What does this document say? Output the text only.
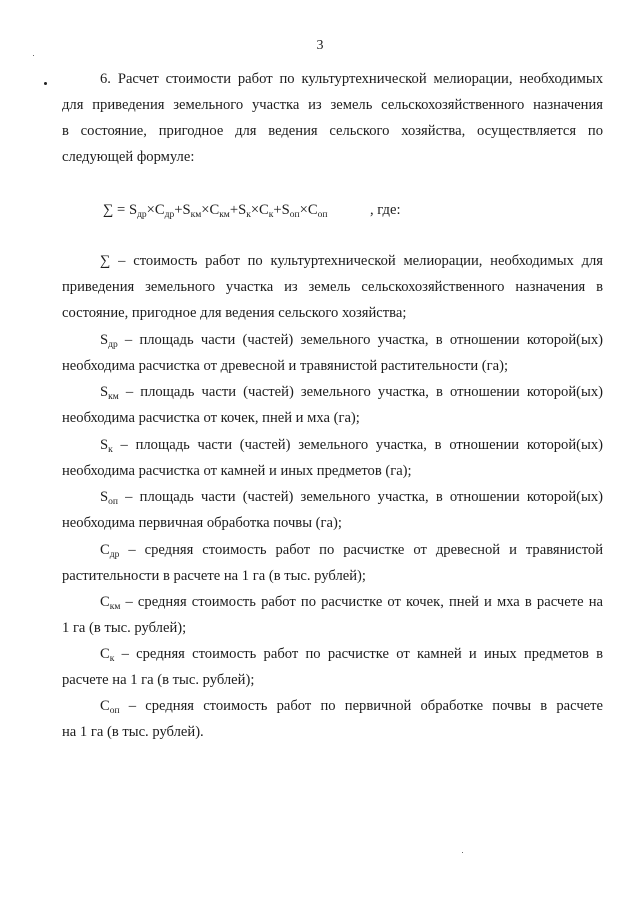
3
6. Расчет стоимости работ по культуртехнической мелиорации, необходимых
для приведения земельного участка из земель сельскохозяйственного назначения
в состояние, пригодное для ведения сельского хозяйства, осуществляется по
следующей формуле:
∑ = $S_{др}\times C_{др}+S_{км}\times C_{км}+S_к\times C_к+S_{оп}\times C_{оп}$	, где:
∑ – стоимость работ по культуртехнической мелиорации, необходимых для
приведения земельного участка из земель сельскохозяйственного назначения в
состояние, пригодное для ведения сельского хозяйства;
$S_{др}$ – площадь части (частей) земельного участка, в отношении которой(ых)
необходима расчистка от древесной и травянистой растительности (га);
$S_{км}$ – площадь части (частей) земельного участка, в отношении которой(ых)
необходима расчистка от кочек, пней и мха (га);
$S_к$ – площадь части (частей) земельного участка, в отношении которой(ых)
необходима расчистка от камней и иных предметов (га);
$S_{оп}$ – площадь части (частей) земельного участка, в отношении которой(ых)
необходима первичная обработка почвы (га);
$С_{др}$ – средняя стоимость работ по расчистке от древесной и травянистой
растительности в расчете на 1 га (в тыс. рублей);
$С_{км}$ – средняя стоимость работ по расчистке от кочек, пней и мха в расчете на
1 га (в тыс. рублей);
$С_к$ – средняя стоимость работ по расчистке от камней и иных предметов в
расчете на 1 га (в тыс. рублей);
$С_{оп}$ – средняя стоимость работ по первичной обработке почвы в расчете
на 1 га (в тыс. рублей).
